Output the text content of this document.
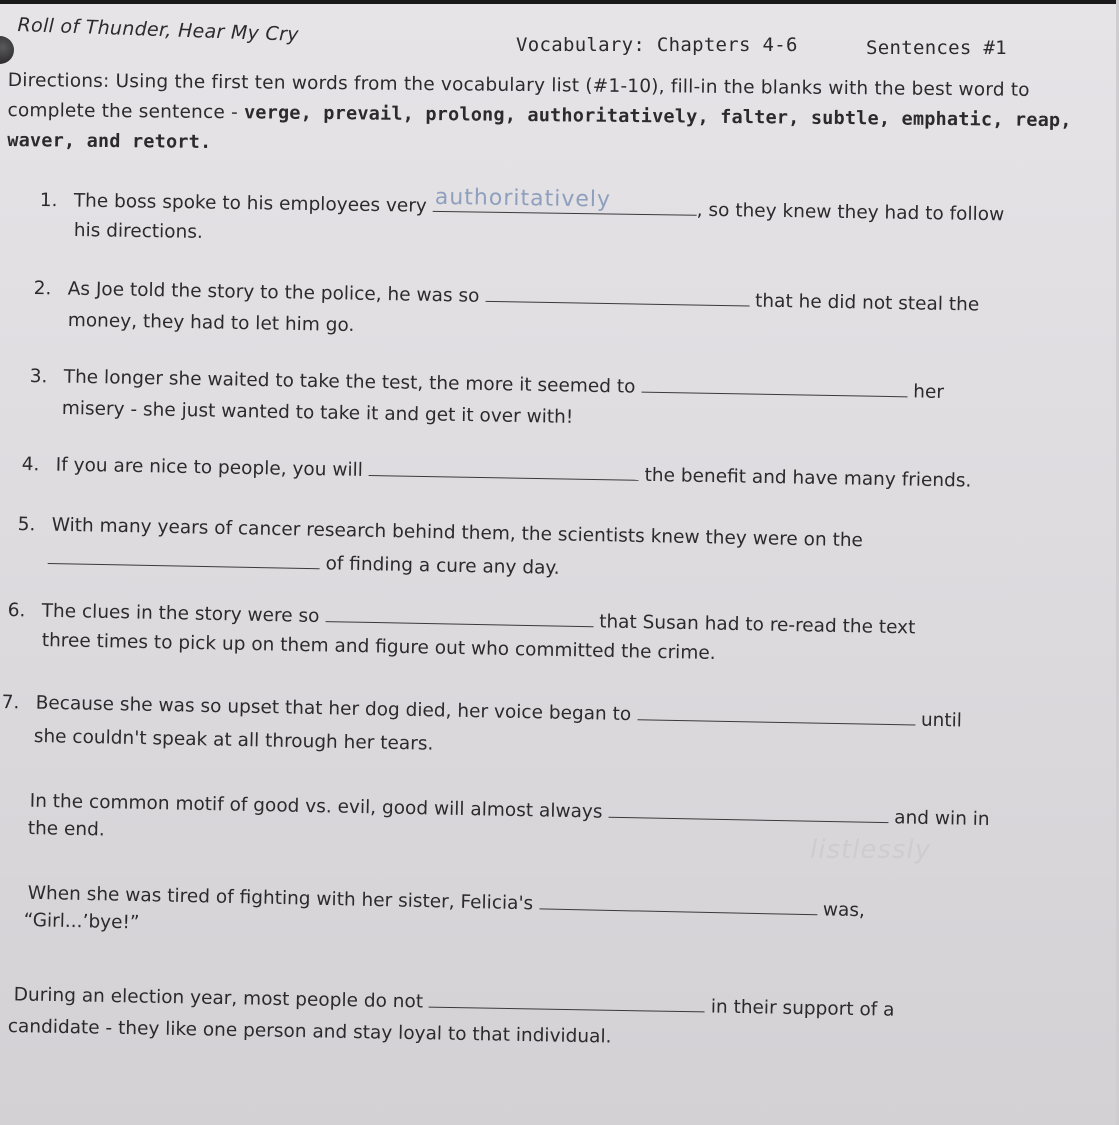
Roll of Thunder, Hear My Cry	Vocabulary: Chapters 4-6	Sentences #1
Directions: Using the first ten words from the vocabulary list (#1-10), fill-in the blanks with the best word to complete the sentence - verge, prevail, prolong, authoritatively, falter, subtle, emphatic, reap, waver, and retort.
listlessly
1. The boss spoke to his employees very authoritatively
, so they knew they had to follow
his directions.
2. As Joe told the story to the police, he was so	that he did not steal the
money, they had to let him go.
3. The longer she waited to take the test, the more it seemed to	her
misery - she just wanted to take it and get it over with!
4. If you are nice to people, you will	the benefit and have many friends.
5. With many years of cancer research behind them, the scientists knew they were on the
of finding a cure any day.
6. The clues in the story were so	that Susan had to re-read the text
three times to pick up on them and figure out who committed the crime.
7. Because she was so upset that her dog died, her voice began to	until
she couldn't speak at all through her tears.
In the common motif of good vs. evil, good will almost always	and win in
the end.
When she was tired of fighting with her sister, Felicia's	was,
“Girl...’bye!”
During an election year, most people do not	in their support of a
candidate - they like one person and stay loyal to that individual.
